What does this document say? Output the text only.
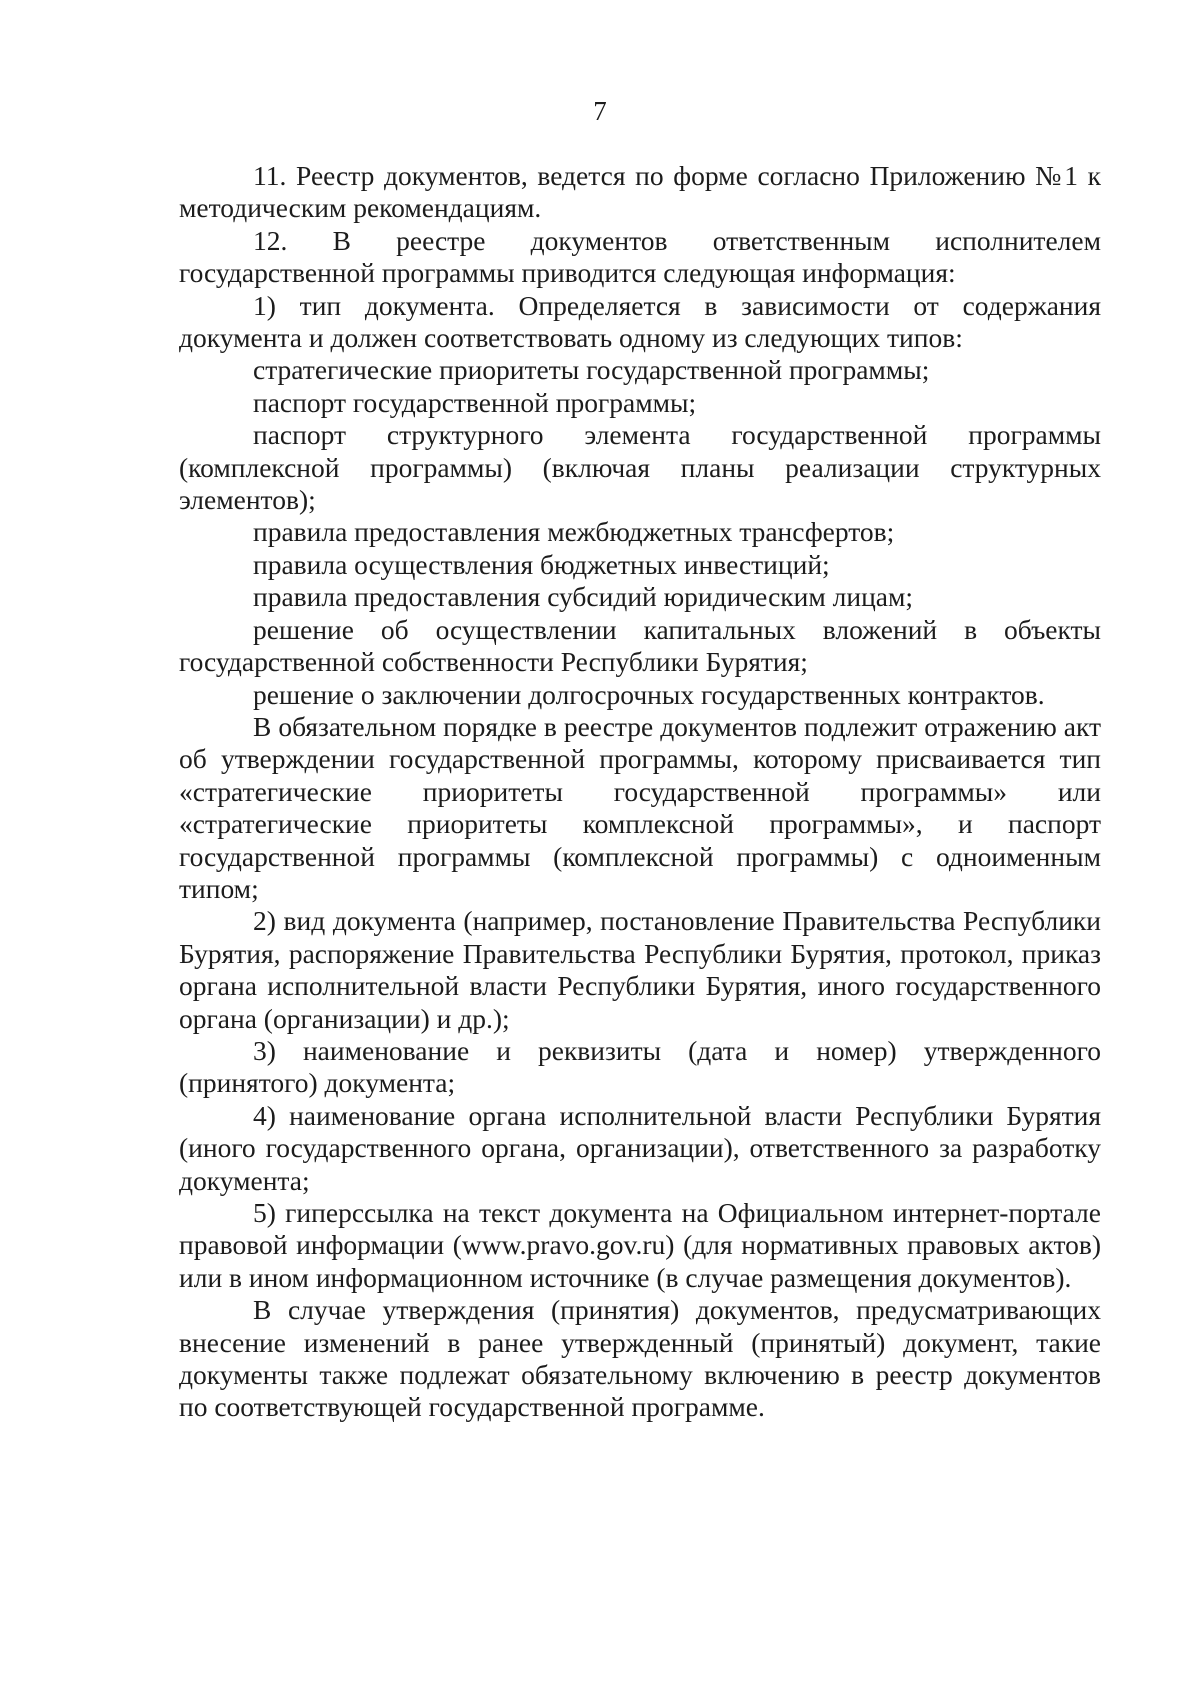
7

11. Реестр документов, ведется по форме согласно Приложению №1 к методическим рекомендациям.

12. В реестре документов ответственным исполнителем государственной программы приводится следующая информация:

1) тип документа. Определяется в зависимости от содержания документа и должен соответствовать одному из следующих типов:

стратегические приоритеты государственной программы;

паспорт государственной программы;

паспорт структурного элемента государственной программы (комплексной программы) (включая планы реализации структурных элементов);

правила предоставления межбюджетных трансфертов;

правила осуществления бюджетных инвестиций;

правила предоставления субсидий юридическим лицам;

решение об осуществлении капитальных вложений в объекты государственной собственности Республики Бурятия;

решение о заключении долгосрочных государственных контрактов.

В обязательном порядке в реестре документов подлежит отражению акт об утверждении государственной программы, которому присваивается тип «стратегические приоритеты государственной программы» или «стратегические приоритеты комплексной программы», и паспорт государственной программы (комплексной программы) с одноименным типом;

2) вид документа (например, постановление Правительства Республики Бурятия, распоряжение Правительства Республики Бурятия, протокол, приказ органа исполнительной власти Республики Бурятия, иного государственного органа (организации) и др.);

3) наименование и реквизиты (дата и номер) утвержденного (принятого) документа;

4) наименование органа исполнительной власти Республики Бурятия (иного государственного органа, организации), ответственного за разработку документа;

5) гиперссылка на текст документа на Официальном интернет-портале правовой информации (www.pravo.gov.ru) (для нормативных правовых актов) или в ином информационном источнике (в случае размещения документов).

В случае утверждения (принятия) документов, предусматривающих внесение изменений в ранее утвержденный (принятый) документ, такие документы также подлежат обязательному включению в реестр документов по соответствующей государственной программе.
